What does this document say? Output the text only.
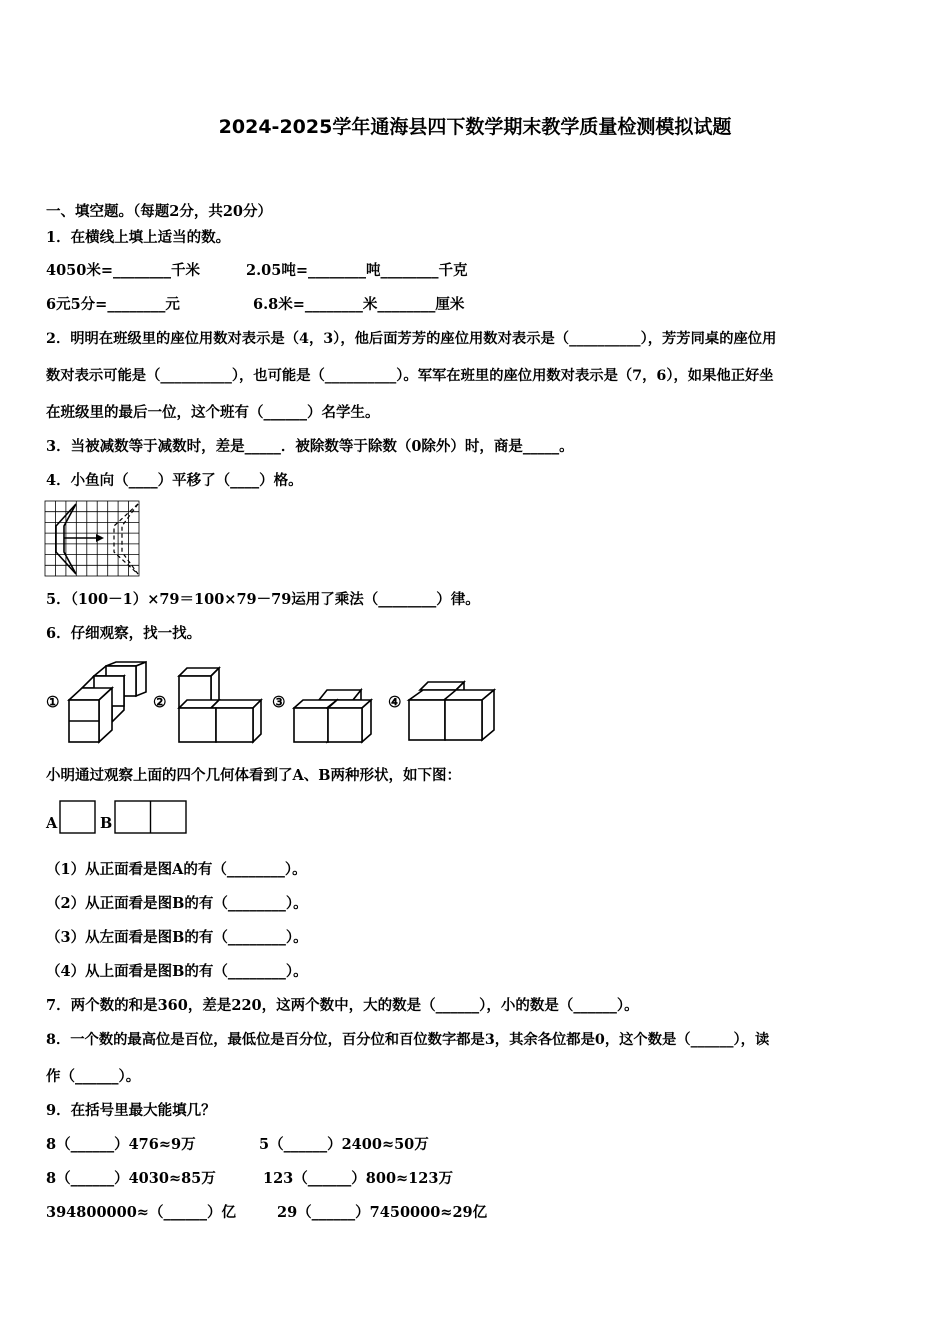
2024-2025学年通海县四下数学期末教学质量检测模拟试题
一、填空题。（每题2分，共20分）
1．在横线上填上适当的数。
4050米=________千米	2.05吨=________吨________千克
6元5分=________元	6.8米=________米________厘米
2．明明在班级里的座位用数对表示是（4，3），他后面芳芳的座位用数对表示是（__________），芳芳同桌的座位用
数对表示可能是（__________），也可能是（__________）。军军在班里的座位用数对表示是（7，6），如果他正好坐
在班级里的最后一位，这个班有（______）名学生。
3．当被减数等于减数时，差是_____．被除数等于除数（0除外）时，商是_____。
4．小鱼向（____）平移了（____）格。
5．（100－1）×79＝100×79－79运用了乘法（________）律。
6．仔细观察，找一找。
①	②	③	④
小明通过观察上面的四个几何体看到了A、B两种形状，如下图：
A	B
（1）从正面看是图A的有（________）。
（2）从正面看是图B的有（________）。
（3）从左面看是图B的有（________）。
（4）从上面看是图B的有（________）。
7．两个数的和是360，差是220，这两个数中，大的数是（______），小的数是（______）。
8．一个数的最高位是百位，最低位是百分位，百分位和百位数字都是3，其余各位都是0，这个数是（______），读
作（______）。
9．在括号里最大能填几？
8（______）476≈9万	5（______）2400≈50万
8（______）4030≈85万	123（______）800≈123万
394800000≈（______）亿	29（______）7450000≈29亿
